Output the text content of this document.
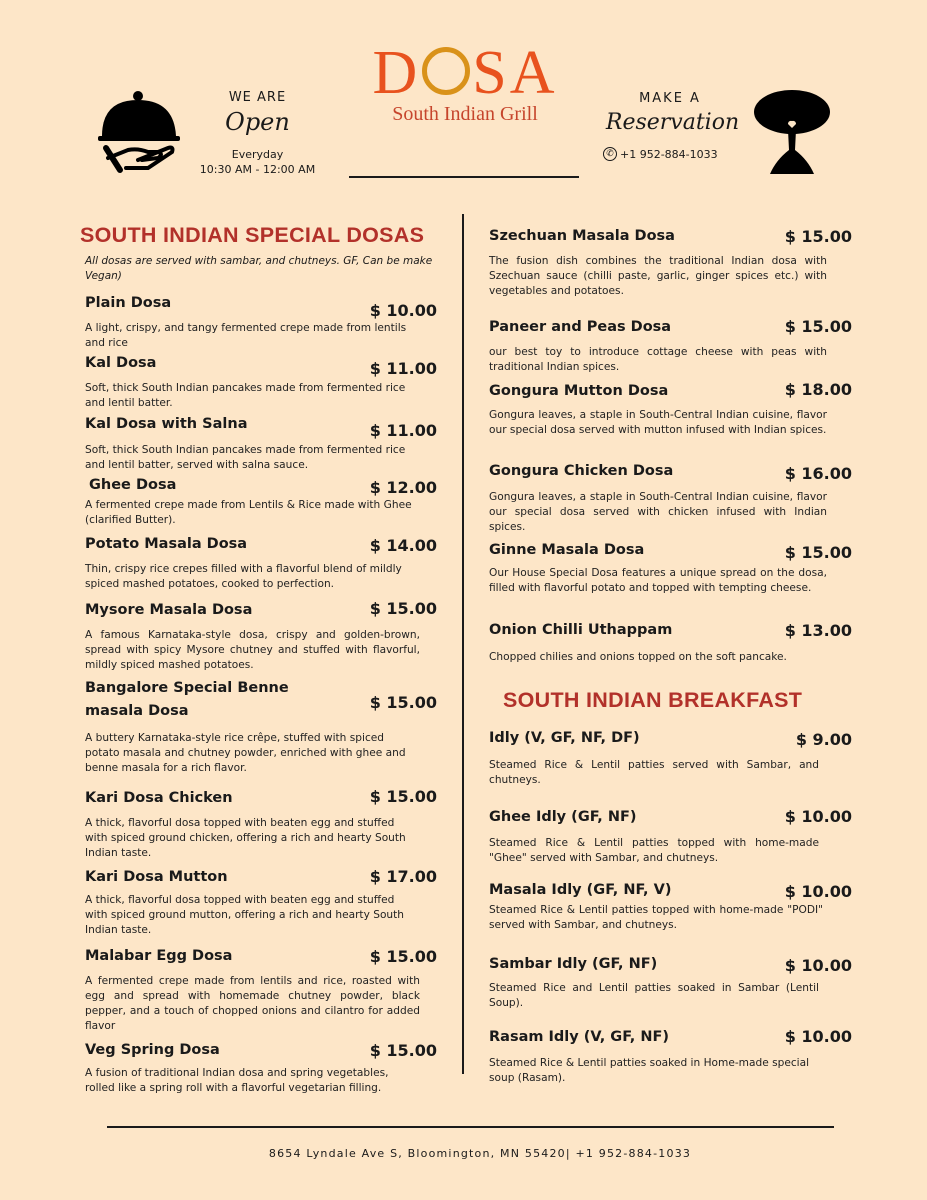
WE ARE
Open
Everyday
10:30 AM - 12:00 AM
D SA
South Indian Grill
MAKE A
Reservation
✆ +1 952-884-1033
SOUTH INDIAN SPECIAL DOSAS
All dosas are served with sambar, and chutneys. GF, Can be make Vegan)
Plain Dosa	$ 10.00
A light, crispy, and tangy fermented crepe made from lentils and rice
Kal Dosa	$ 11.00
Soft, thick South Indian pancakes made from fermented rice and lentil batter.
Kal Dosa with Salna	$ 11.00
Soft, thick South Indian pancakes made from fermented rice and lentil batter, served with salna sauce.
Ghee Dosa	$ 12.00
A fermented crepe made from Lentils & Rice made with Ghee (clarified Butter).
Potato Masala Dosa	$ 14.00
Thin, crispy rice crepes filled with a flavorful blend of mildly spiced mashed potatoes, cooked to perfection.
Mysore Masala Dosa	$ 15.00
A famous Karnataka-style dosa, crispy and golden-brown, spread with spicy Mysore chutney and stuffed with flavorful, mildly spiced mashed potatoes.
Bangalore Special Benne masala Dosa	$ 15.00
A buttery Karnataka-style rice crêpe, stuffed with spiced potato masala and chutney powder, enriched with ghee and benne masala for a rich flavor.
Kari Dosa Chicken	$ 15.00
A thick, flavorful dosa topped with beaten egg and stuffed with spiced ground chicken, offering a rich and hearty South Indian taste.
Kari Dosa Mutton	$ 17.00
A thick, flavorful dosa topped with beaten egg and stuffed with spiced ground mutton, offering a rich and hearty South Indian taste.
Malabar Egg Dosa	$ 15.00
A fermented crepe made from lentils and rice, roasted with egg and spread with homemade chutney powder, black pepper, and a touch of chopped onions and cilantro for added flavor
Veg Spring Dosa	$ 15.00
A fusion of traditional Indian dosa and spring vegetables, rolled like a spring roll with a flavorful vegetarian filling.
Szechuan Masala Dosa	$ 15.00
The fusion dish combines the traditional Indian dosa with Szechuan sauce (chilli paste, garlic, ginger spices etc.) with vegetables and potatoes.
Paneer and Peas Dosa	$ 15.00
our best toy to introduce cottage cheese with peas with traditional Indian spices.
Gongura Mutton Dosa	$ 18.00
Gongura leaves, a staple in South-Central Indian cuisine, flavor our special dosa served with mutton infused with Indian spices.
Gongura Chicken Dosa	$ 16.00
Gongura leaves, a staple in South-Central Indian cuisine, flavor our special dosa served with chicken infused with Indian spices.
Ginne Masala Dosa	$ 15.00
Our House Special Dosa features a unique spread on the dosa, filled with flavorful potato and topped with tempting cheese.
Onion Chilli Uthappam	$ 13.00
Chopped chilies and onions topped on the soft pancake.
SOUTH INDIAN BREAKFAST
Idly (V, GF, NF, DF)	$ 9.00
Steamed Rice & Lentil patties served with Sambar, and chutneys.
Ghee Idly (GF, NF)	$ 10.00
Steamed Rice & Lentil patties topped with home-made "Ghee" served with Sambar, and chutneys.
Masala Idly (GF, NF, V)	$ 10.00
Steamed Rice & Lentil patties topped with home-made "PODI" served with Sambar, and chutneys.
Sambar Idly (GF, NF)	$ 10.00
Steamed Rice and Lentil patties soaked in Sambar (Lentil Soup).
Rasam Idly (V, GF, NF)	$ 10.00
Steamed Rice & Lentil patties soaked in Home-made special soup (Rasam).
8654 Lyndale Ave S, Bloomington, MN 55420| +1 952-884-1033
